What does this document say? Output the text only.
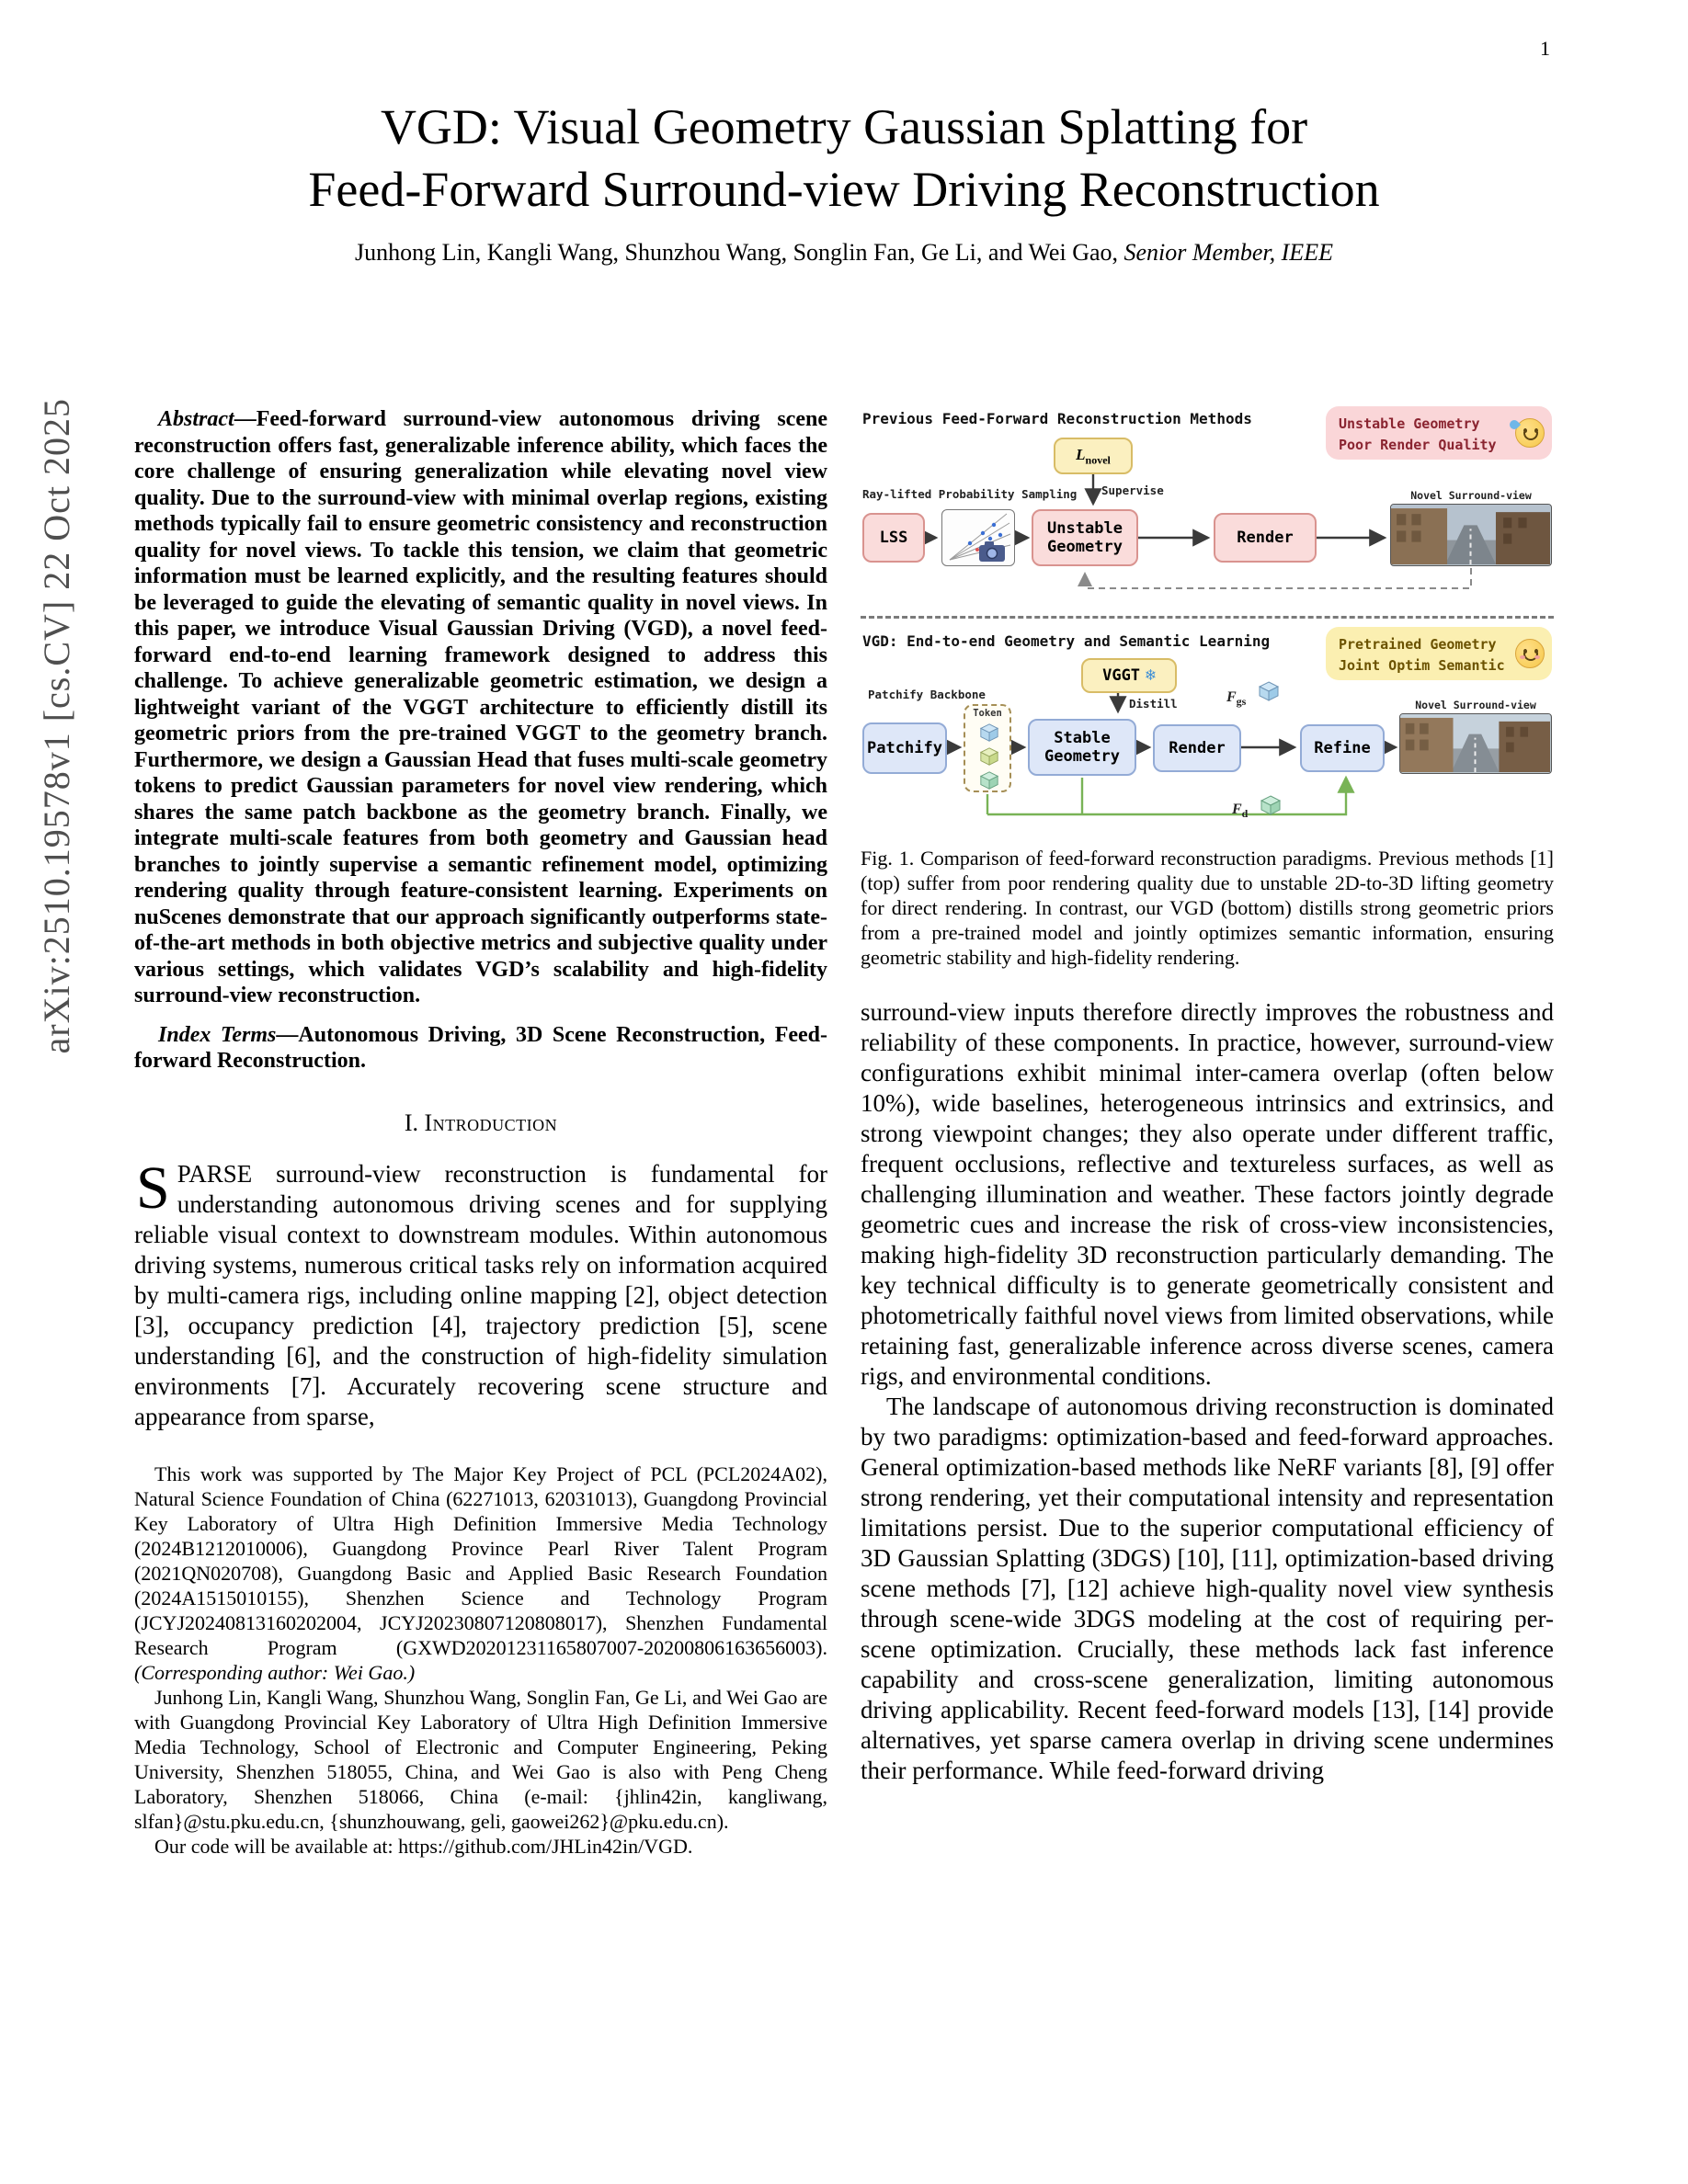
1
arXiv:2510.19578v1 [cs.CV] 22 Oct 2025
VGD: Visual Geometry Gaussian Splatting for
Feed-Forward Surround-view Driving Reconstruction
Junhong Lin, Kangli Wang, Shunzhou Wang, Songlin Fan, Ge Li, and Wei Gao, Senior Member, IEEE

Abstract—Feed-forward surround-view autonomous driving scene reconstruction offers fast, generalizable inference ability, which faces the core challenge of ensuring generalization while elevating novel view quality. Due to the surround-view with minimal overlap regions, existing methods typically fail to ensure geometric consistency and reconstruction quality for novel views. To tackle this tension, we claim that geometric information must be learned explicitly, and the resulting features should be leveraged to guide the elevating of semantic quality in novel views. In this paper, we introduce Visual Gaussian Driving (VGD), a novel feed-forward end-to-end learning framework designed to address this challenge. To achieve generalizable geometric estimation, we design a lightweight variant of the VGGT architecture to efficiently distill its geometric priors from the pre-trained VGGT to the geometry branch. Furthermore, we design a Gaussian Head that fuses multi-scale geometry tokens to predict Gaussian parameters for novel view rendering, which shares the same patch backbone as the geometry branch. Finally, we integrate multi-scale features from both geometry and Gaussian head branches to jointly supervise a semantic refinement model, optimizing rendering quality through feature-consistent learning. Experiments on nuScenes demonstrate that our approach significantly outperforms state-of-the-art methods in both objective metrics and subjective quality under various settings, which validates VGD’s scalability and high-fidelity surround-view reconstruction.

Index Terms—Autonomous Driving, 3D Scene Reconstruction, Feed-forward Reconstruction.

I. Introduction

SPARSE surround-view reconstruction is fundamental for understanding autonomous driving scenes and for supplying reliable visual context to downstream modules. Within autonomous driving systems, numerous critical tasks rely on information acquired by multi-camera rigs, including online mapping [2], object detection [3], occupancy prediction [4], trajectory prediction [5], scene understanding [6], and the construction of high-fidelity simulation environments [7]. Accurately recovering scene structure and appearance from sparse,

This work was supported by The Major Key Project of PCL (PCL2024A02), Natural Science Foundation of China (62271013, 62031013), Guangdong Provincial Key Laboratory of Ultra High Definition Immersive Media Technology (2024B1212010006), Guangdong Province Pearl River Talent Program (2021QN020708), Guangdong Basic and Applied Basic Research Foundation (2024A1515010155), Shenzhen Science and Technology Program (JCYJ20240813160202004, JCYJ20230807120808017), Shenzhen Fundamental Research Program (GXWD20201231165807007-20200806163656003). (Corresponding author: Wei Gao.)

Junhong Lin, Kangli Wang, Shunzhou Wang, Songlin Fan, Ge Li, and Wei Gao are with Guangdong Provincial Key Laboratory of Ultra High Definition Immersive Media Technology, School of Electronic and Computer Engineering, Peking University, Shenzhen 518055, China, and Wei Gao is also with Peng Cheng Laboratory, Shenzhen 518066, China (e-mail: {jhlin42in, kangliwang, slfan}@stu.pku.edu.cn, {shunzhouwang, geli, gaowei262}@pku.edu.cn).

Our code will be available at: https://github.com/JHLin42in/VGD.

Previous Feed-Forward Reconstruction Methods	Unstable Geometry
Poor Render Quality
$L_{novel}$
Supervise
Ray-lifted Probability Sampling
LSS
Unstable Geometry
Render
Novel Surround-view
VGD: End-to-end Geometry and Semantic Learning	Pretrained Geometry
Joint Optim Semantic
Patchify Backbone
VGGT ❄
Distill
Patchify
Token
Stable Geometry	Render
$F_{gs}$
Refine
Novel Surround-view
$F_d$

Fig. 1. Comparison of feed-forward reconstruction paradigms. Previous methods [1] (top) suffer from poor rendering quality due to unstable 2D-to-3D lifting geometry for direct rendering. In contrast, our VGD (bottom) distills strong geometric priors from a pre-trained model and jointly optimizes semantic information, ensuring geometric stability and high-fidelity rendering.

surround-view inputs therefore directly improves the robustness and reliability of these components. In practice, however, surround-view configurations exhibit minimal inter-camera overlap (often below 10%), wide baselines, heterogeneous intrinsics and extrinsics, and strong viewpoint changes; they also operate under different traffic, frequent occlusions, reflective and textureless surfaces, as well as challenging illumination and weather. These factors jointly degrade geometric cues and increase the risk of cross-view inconsistencies, making high-fidelity 3D reconstruction particularly demanding. The key technical difficulty is to generate geometrically consistent and photometrically faithful novel views from limited observations, while retaining fast, generalizable inference across diverse scenes, camera rigs, and environmental conditions.

The landscape of autonomous driving reconstruction is dominated by two paradigms: optimization-based and feed-forward approaches. General optimization-based methods like NeRF variants [8], [9] offer strong rendering, yet their computational intensity and representation limitations persist. Due to the superior computational efficiency of 3D Gaussian Splatting (3DGS) [10], [11], optimization-based driving scene methods [7], [12] achieve high-quality novel view synthesis through scene-wide 3DGS modeling at the cost of requiring per-scene optimization. Crucially, these methods lack fast inference capability and cross-scene generalization, limiting autonomous driving applicability. Recent feed-forward models [13], [14] provide alternatives, yet sparse camera overlap in driving scene undermines their performance. While feed-forward driving
